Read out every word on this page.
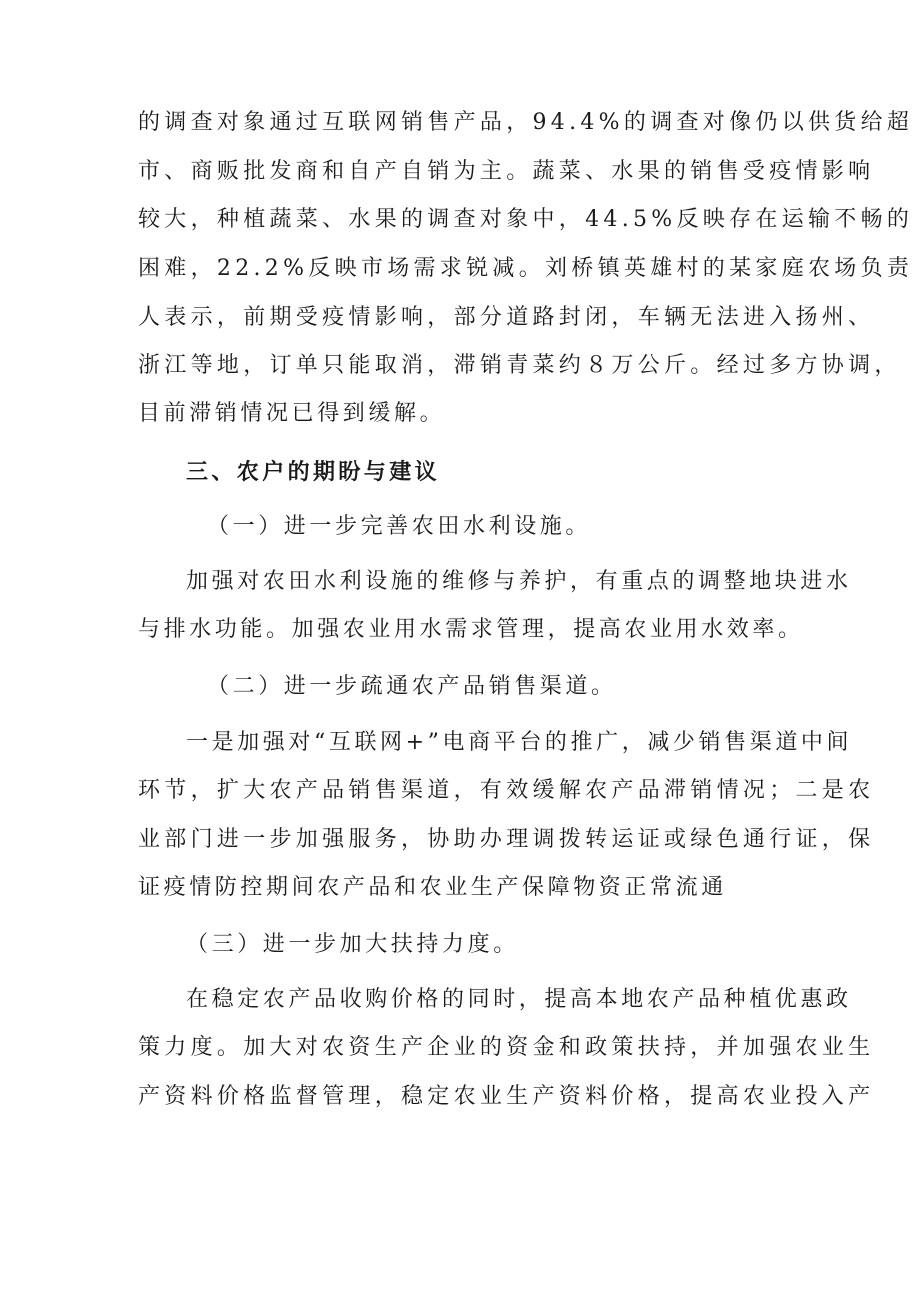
的调查对象通过互联网销售产品，94.4%的调查对像仍以供货给超
市、商贩批发商和自产自销为主。蔬菜、水果的销售受疫情影响
较大，种植蔬菜、水果的调查对象中，44.5%反映存在运输不畅的
困难，22.2%反映市场需求锐减。刘桥镇英雄村的某家庭农场负责
人表示，前期受疫情影响，部分道路封闭，车辆无法进入扬州、
浙江等地，订单只能取消，滞销青菜约８万公斤。经过多方协调，
目前滞销情况已得到缓解。
三、农户的期盼与建议
（一）进一步完善农田水利设施。
加强对农田水利设施的维修与养护，有重点的调整地块进水
与排水功能。加强农业用水需求管理，提高农业用水效率。
（二）进一步疏通农产品销售渠道。
一是加强对“互联网+”电商平台的推广，减少销售渠道中间
环节，扩大农产品销售渠道，有效缓解农产品滞销情况；二是农
业部门进一步加强服务，协助办理调拨转运证或绿色通行证，保
证疫情防控期间农产品和农业生产保障物资正常流通
（三）进一步加大扶持力度。
在稳定农产品收购价格的同时，提高本地农产品种植优惠政
策力度。加大对农资生产企业的资金和政策扶持，并加强农业生
产资料价格监督管理，稳定农业生产资料价格，提高农业投入产
